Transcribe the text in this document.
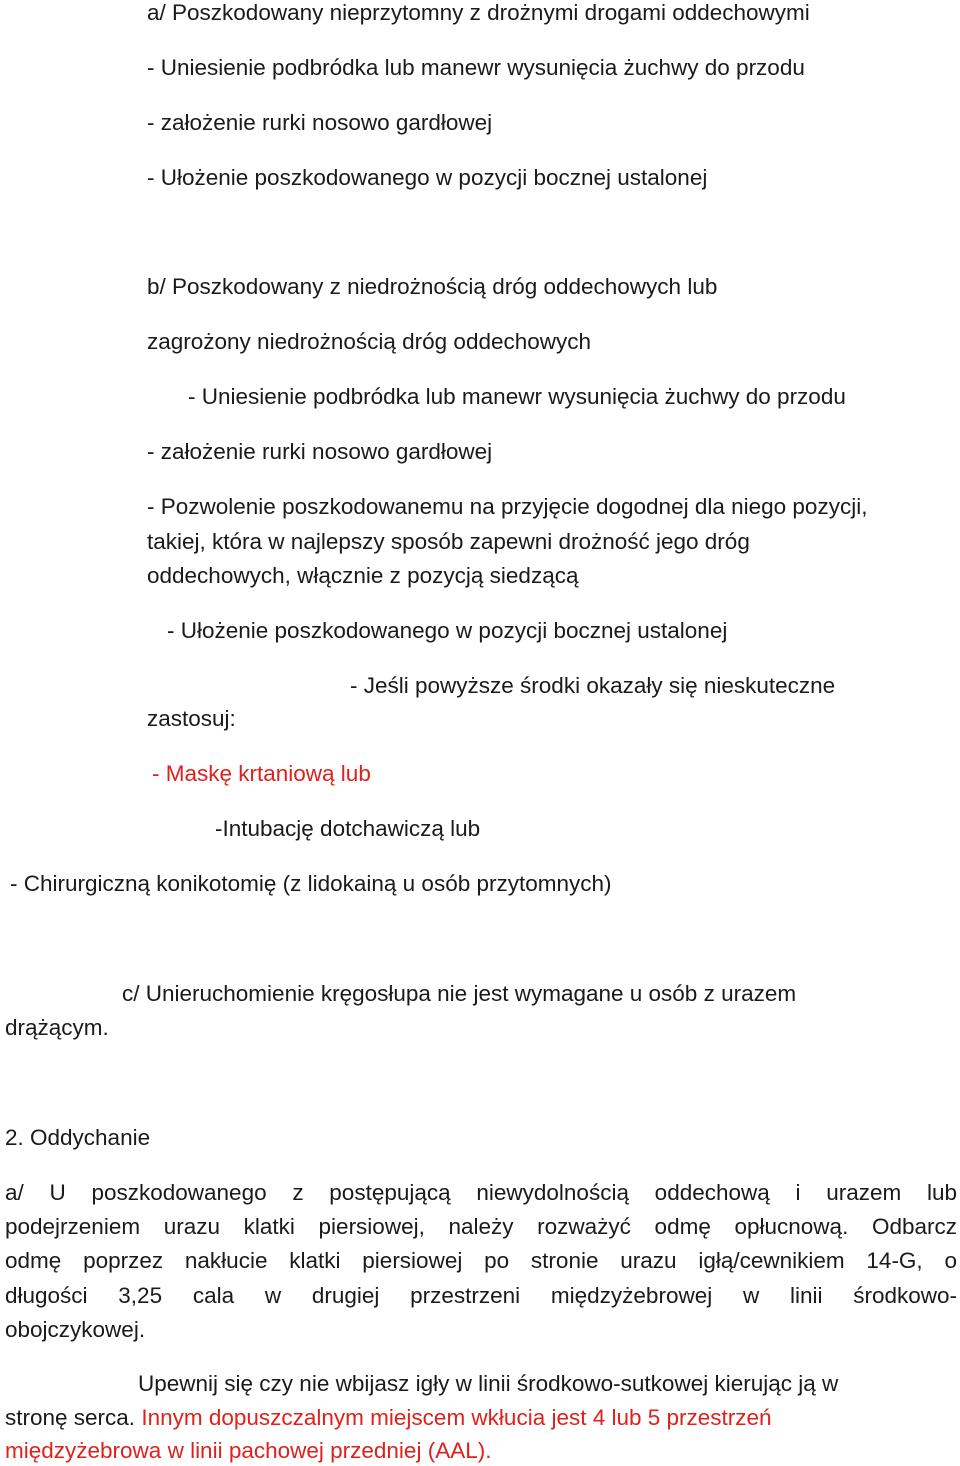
a/ Poszkodowany nieprzytomny z drożnymi drogami oddechowymi
- Uniesienie podbródka lub manewr wysunięcia żuchwy do przodu
- założenie rurki nosowo gardłowej
- Ułożenie poszkodowanego w pozycji bocznej ustalonej
b/ Poszkodowany z niedrożnością dróg oddechowych lub
zagrożony niedrożnością dróg oddechowych
- Uniesienie podbródka lub manewr wysunięcia żuchwy do przodu
- założenie rurki nosowo gardłowej
- Pozwolenie poszkodowanemu na przyjęcie dogodnej dla niego pozycji,
takiej, która w najlepszy sposób zapewni drożność jego dróg
oddechowych, włącznie z pozycją siedzącą
- Ułożenie poszkodowanego w pozycji bocznej ustalonej
- Jeśli powyższe środki okazały się nieskuteczne
zastosuj:
- Maskę krtaniową lub
-Intubację dotchawiczą lub
- Chirurgiczną konikotomię (z lidokainą u osób przytomnych)
c/ Unieruchomienie kręgosłupa nie jest wymagane u osób z urazem
drążącym.
2. Oddychanie
a/ U poszkodowanego z postępującą niewydolnością oddechową i urazem lub
podejrzeniem urazu klatki piersiowej, należy rozważyć odmę opłucnową. Odbarcz
odmę poprzez nakłucie klatki piersiowej po stronie urazu igłą/cewnikiem 14-G, o
długości 3,25 cala w drugiej przestrzeni międzyżebrowej w linii środkowo-
obojczykowej.
Upewnij się czy nie wbijasz igły w linii środkowo-sutkowej kierując ją w
stronę serca. Innym dopuszczalnym miejscem wkłucia jest 4 lub 5 przestrzeń
międzyżebrowa w linii pachowej przedniej (AAL).
